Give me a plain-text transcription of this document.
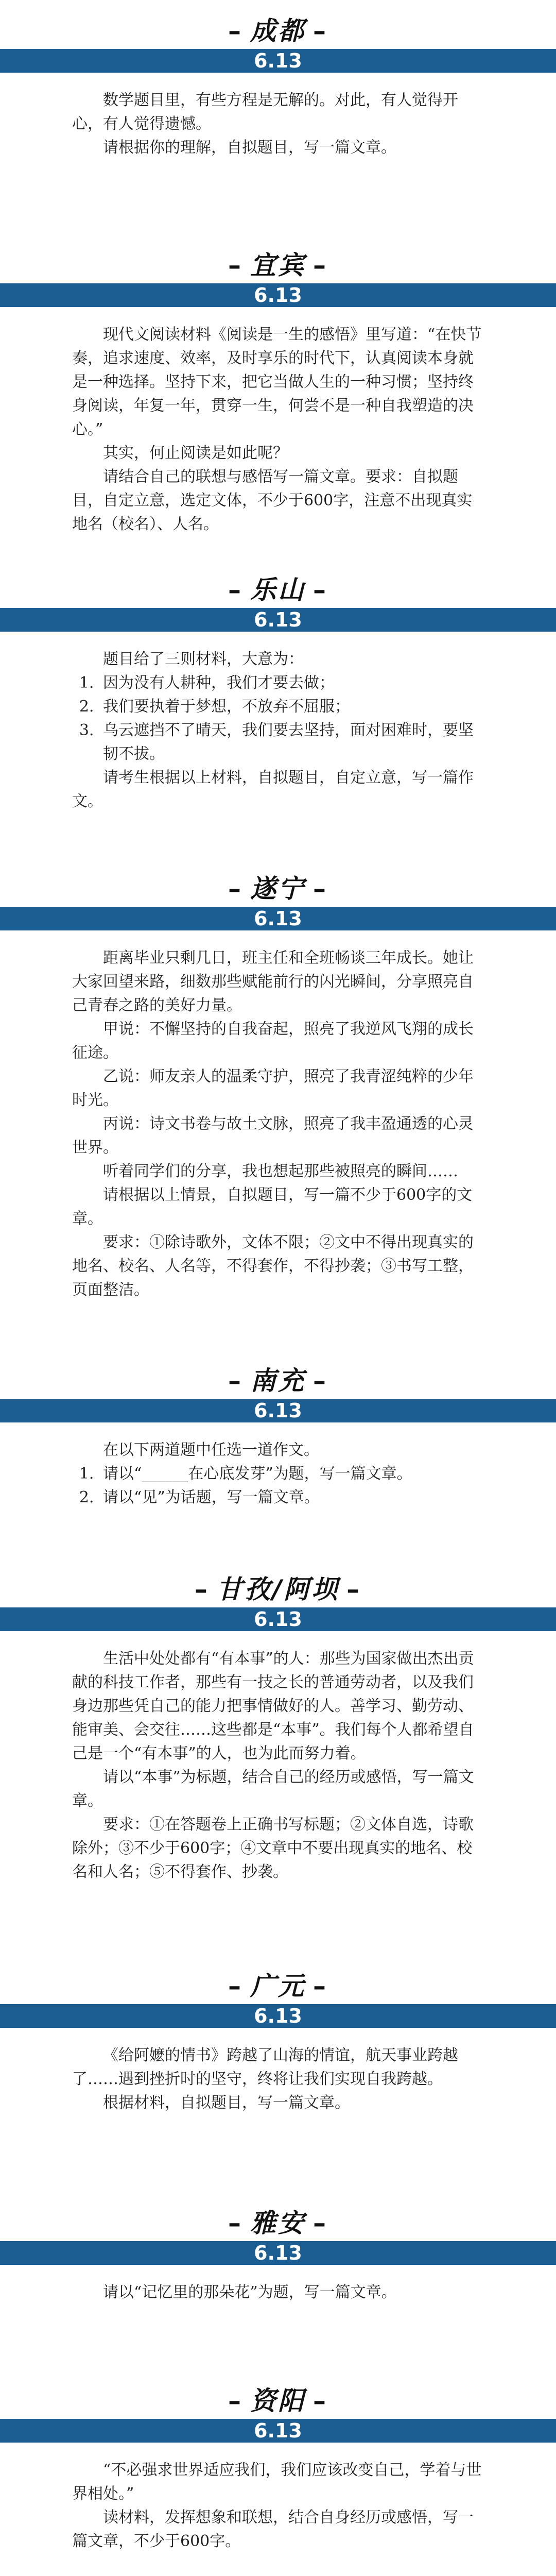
– 成都 –
6.13

数学题目里，有些方程是无解的。对此，有人觉得开心，有人觉得遗憾。

请根据你的理解，自拟题目，写一篇文章。

– 宜宾 –
6.13

现代文阅读材料《阅读是一生的感悟》里写道：“在快节奏，追求速度、效率，及时享乐的时代下，认真阅读本身就是一种选择。坚持下来，把它当做人生的一种习惯；坚持终身阅读，年复一年，贯穿一生，何尝不是一种自我塑造的决心。”

其实，何止阅读是如此呢？

请结合自己的联想与感悟写一篇文章。要求：自拟题目，自定立意，选定文体，不少于600字，注意不出现真实地名（校名）、人名。

– 乐山 –
6.13

题目给了三则材料，大意为：

1. 因为没有人耕种，我们才要去做；
2. 我们要执着于梦想，不放弃不屈服；
3. 乌云遮挡不了晴天，我们要去坚持，面对困难时，要坚韧不拔。

请考生根据以上材料，自拟题目，自定立意，写一篇作文。

– 遂宁 –
6.13

距离毕业只剩几日，班主任和全班畅谈三年成长。她让大家回望来路，细数那些赋能前行的闪光瞬间，分享照亮自己青春之路的美好力量。

甲说：不懈坚持的自我奋起，照亮了我逆风飞翔的成长征途。

乙说：师友亲人的温柔守护，照亮了我青涩纯粹的少年时光。

丙说：诗文书卷与故土文脉，照亮了我丰盈通透的心灵世界。

听着同学们的分享，我也想起那些被照亮的瞬间……

请根据以上情景，自拟题目，写一篇不少于600字的文章。

要求：①除诗歌外，文体不限；②文中不得出现真实的地名、校名、人名等，不得套作，不得抄袭；③书写工整，页面整洁。

– 南充 –
6.13

在以下两道题中任选一道作文。

1. 请以“______在心底发芽”为题，写一篇文章。
2. 请以“见”为话题，写一篇文章。
– 甘孜/阿坝 –
6.13

生活中处处都有“有本事”的人：那些为国家做出杰出贡献的科技工作者，那些有一技之长的普通劳动者，以及我们身边那些凭自己的能力把事情做好的人。善学习、勤劳动、能审美、会交往……这些都是“本事”。我们每个人都希望自己是一个“有本事”的人，也为此而努力着。

请以“本事”为标题，结合自己的经历或感悟，写一篇文章。

要求：①在答题卷上正确书写标题；②文体自选，诗歌除外；③不少于600字；④文章中不要出现真实的地名、校名和人名；⑤不得套作、抄袭。

– 广元 –
6.13

《给阿嬷的情书》跨越了山海的情谊，航天事业跨越了……遇到挫折时的坚守，终将让我们实现自我跨越。

根据材料，自拟题目，写一篇文章。

– 雅安 –
6.13

请以“记忆里的那朵花”为题，写一篇文章。

– 资阳 –
6.13

“不必强求世界适应我们，我们应该改变自己，学着与世界相处。”

读材料，发挥想象和联想，结合自身经历或感悟，写一篇文章，不少于600字。
